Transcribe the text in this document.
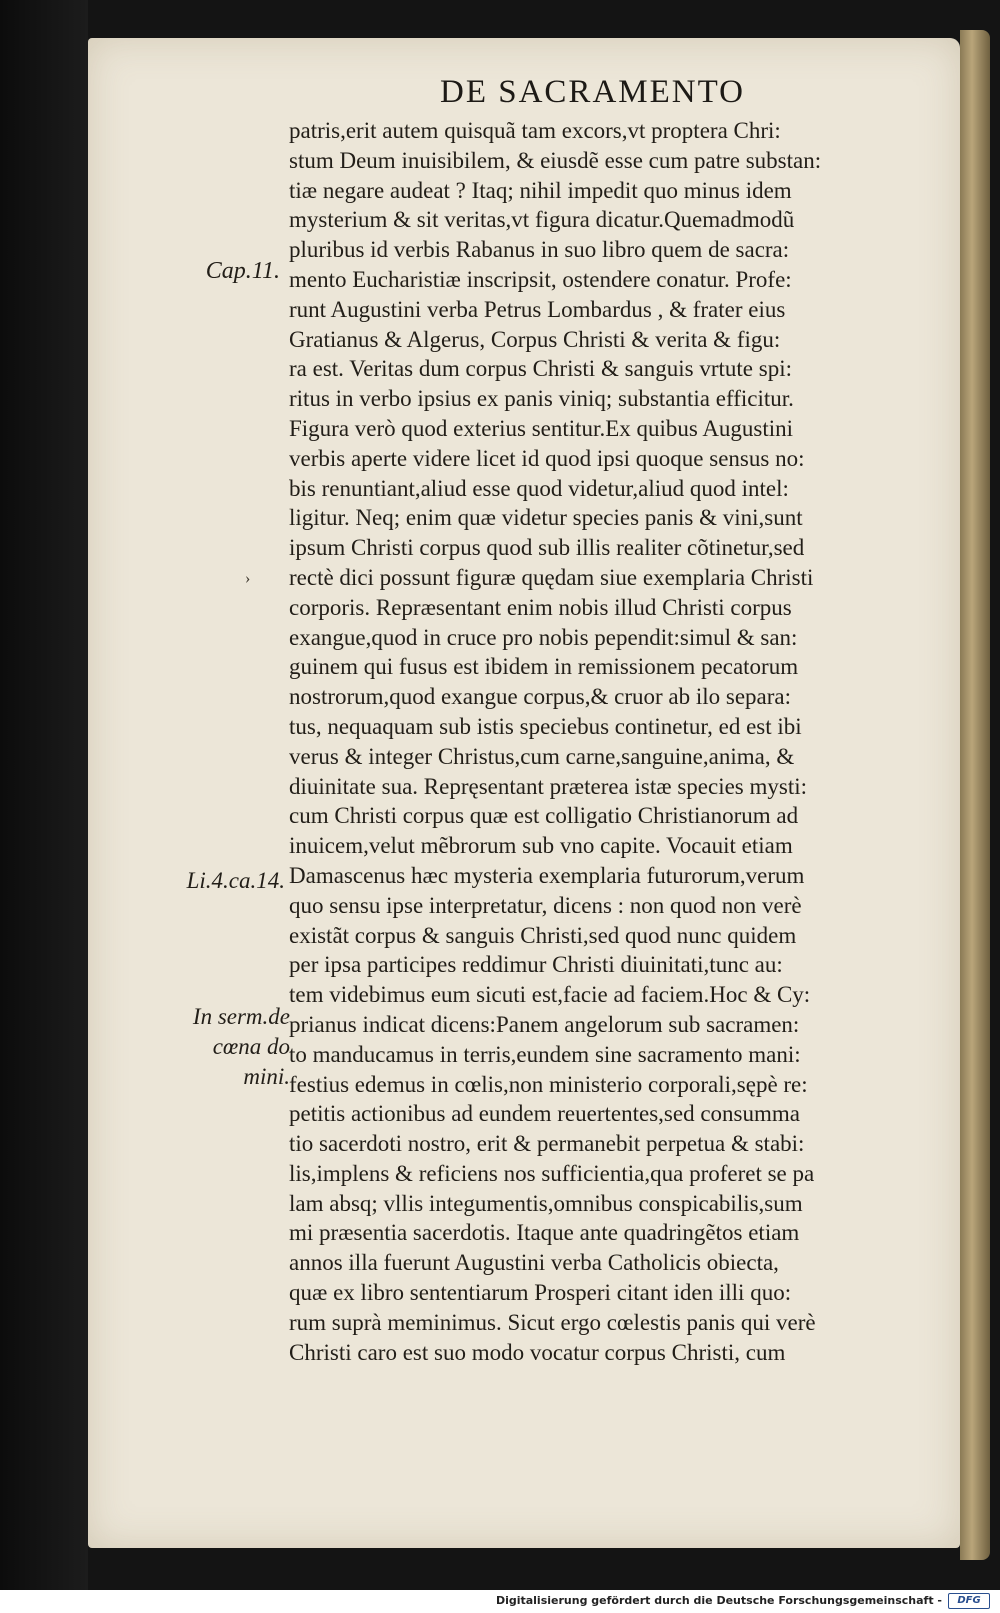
DE SACRAMENTO
Cap.11.
Li.4.ca.14.
In serm.de
cœna do
mini.
›
patris,erit autem quisquã tam excors,vt proptera Chri:
stum Deum inuisibilem, & eiusdẽ esse cum patre substan:
tiæ negare audeat ? Itaq; nihil impedit quo minus idem
mysterium & sit veritas,vt figura dicatur.Quemadmodũ
pluribus id verbis Rabanus in suo libro quem de sacra:
mento Eucharistiæ inscripsit, ostendere conatur. Profe:
runt Augustini verba Petrus Lombardus , & frater eius
Gratianus & Algerus, Corpus Christi & verita & figu:
ra est. Veritas dum corpus Christi & sanguis vrtute spi:
ritus in verbo ipsius ex panis viniq; substantia efficitur.
Figura verò quod exterius sentitur.Ex quibus Augustini
verbis aperte videre licet id quod ipsi quoque sensus no:
bis renuntiant,aliud esse quod videtur,aliud quod intel:
ligitur. Neq; enim quæ videtur species panis & vini,sunt
ipsum Christi corpus quod sub illis realiter cõtinetur,sed
rectè dici possunt figuræ quędam siue exemplaria Christi
corporis. Repræsentant enim nobis illud Christi corpus
exangue,quod in cruce pro nobis pependit:simul & san:
guinem qui fusus est ibidem in remissionem pecatorum
nostrorum,quod exangue corpus,& cruor ab ilo separa:
tus, nequaquam sub istis speciebus continetur, ed est ibi
verus & integer Christus,cum carne,sanguine,anima, &
diuinitate sua. Repręsentant præterea istæ species mysti:
cum Christi corpus quæ est colligatio Christianorum ad
inuicem,velut mẽbrorum sub vno capite. Vocauit etiam
Damascenus hæc mysteria exemplaria futurorum,verum
quo sensu ipse interpretatur, dicens : non quod non verè
existãt corpus & sanguis Christi,sed quod nunc quidem
per ipsa participes reddimur Christi diuinitati,tunc au:
tem videbimus eum sicuti est,facie ad faciem.Hoc & Cy:
prianus indicat dicens:Panem angelorum sub sacramen:
to manducamus in terris,eundem sine sacramento mani:
festius edemus in cœlis,non ministerio corporali,sępè re:
petitis actionibus ad eundem reuertentes,sed consumma
tio sacerdoti nostro, erit & permanebit perpetua & stabi:
lis,implens & reficiens nos sufficientia,qua proferet se pa
lam absq; vllis integumentis,omnibus conspicabilis,sum
mi præsentia sacerdotis. Itaque ante quadringẽtos etiam
annos illa fuerunt Augustini verba Catholicis obiecta,
quæ ex libro sententiarum Prosperi citant iden illi quo:
rum suprà meminimus. Sicut ergo cœlestis panis qui verè
Christi caro est suo modo vocatur corpus Christi, cum
Digitalisierung gefördert durch die Deutsche Forschungsgemeinschaft -	DFG
